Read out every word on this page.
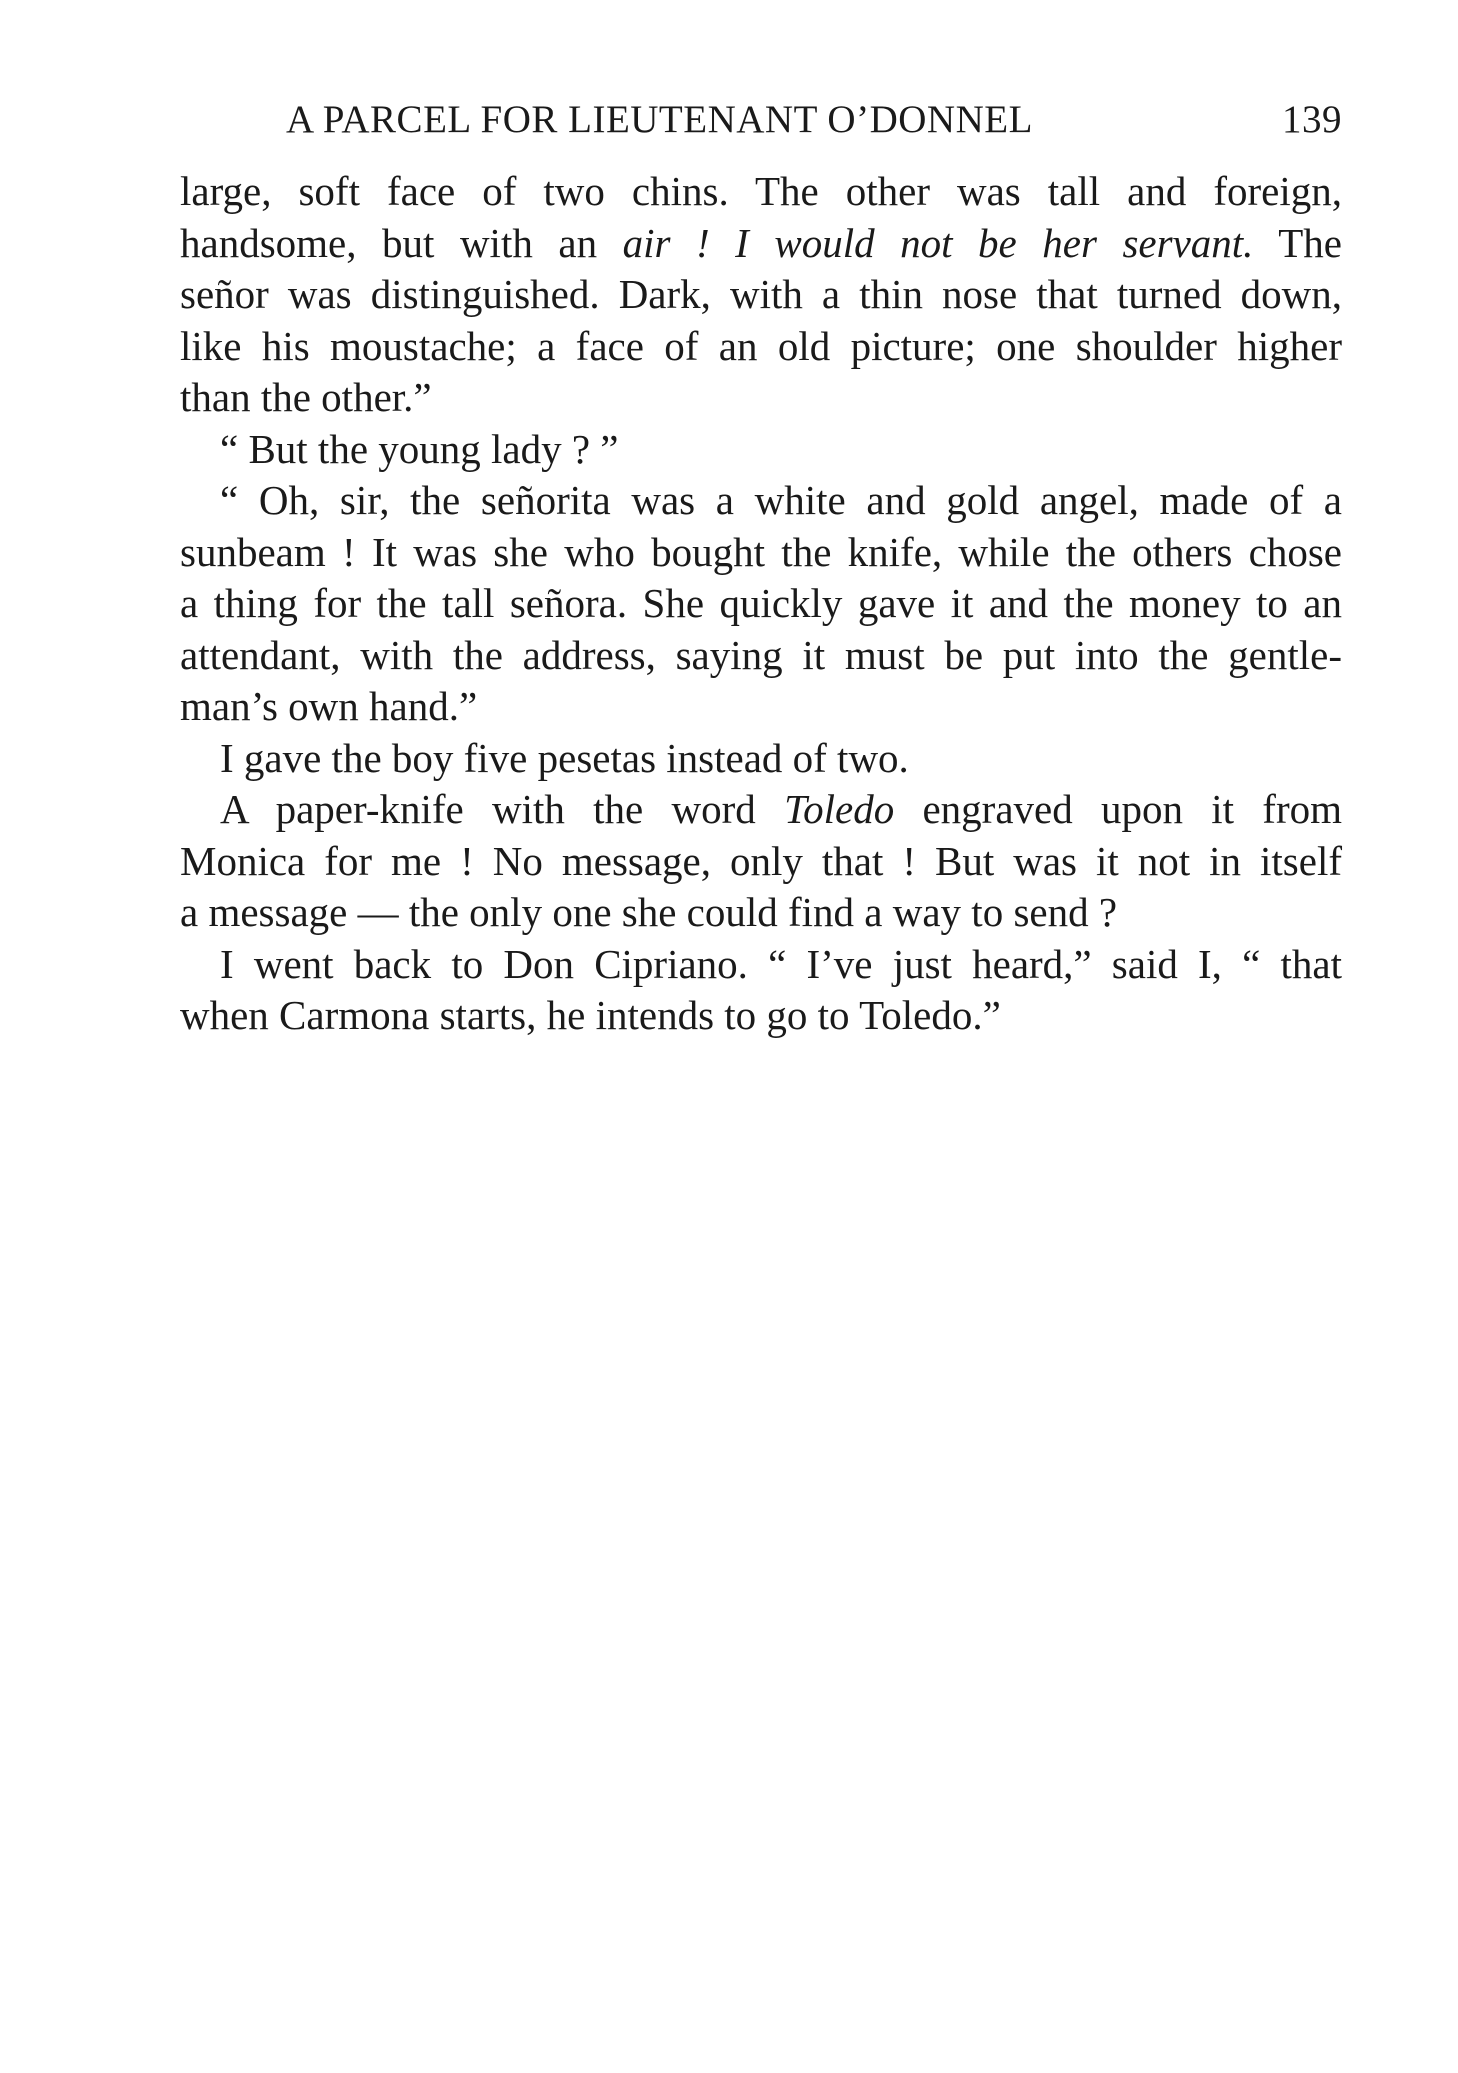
A PARCEL FOR LIEUTENANT O’DONNEL	139
large, soft face of two chins. The other was tall and foreign,
handsome, but with an air ! I would not be her servant. The
señor was distinguished. Dark, with a thin nose that turned down,
like his moustache; a face of an old picture; one shoulder higher
than the other.”
“ But the young lady ? ”
“ Oh, sir, the señorita was a white and gold angel, made of a
sunbeam ! It was she who bought the knife, while the others chose
a thing for the tall señora. She quickly gave it and the money to an
attendant, with the address, saying it must be put into the gentle-
man’s own hand.”
I gave the boy five pesetas instead of two.
A paper-knife with the word Toledo engraved upon it from
Monica for me ! No message, only that ! But was it not in itself
a message — the only one she could find a way to send ?
I went back to Don Cipriano. “ I’ve just heard,” said I, “ that
when Carmona starts, he intends to go to Toledo.”
